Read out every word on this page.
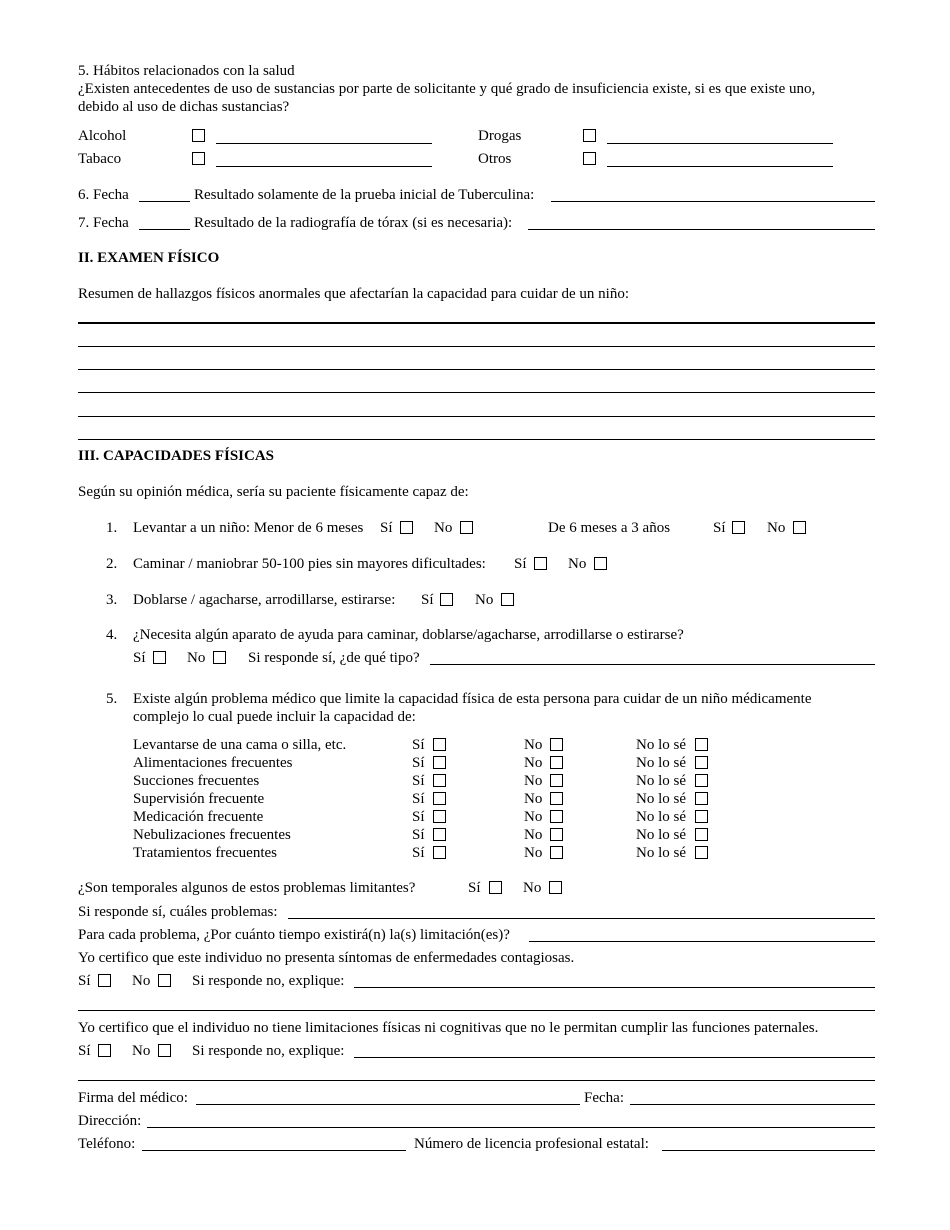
5. Hábitos relacionados con la salud
¿Existen antecedentes de uso de sustancias por parte de solicitante y qué grado de insuficiencia existe, si es que existe uno,
debido al uso de dichas sustancias?
Alcohol	Drogas
Tabaco	Otros
6. Fecha	Resultado solamente de la prueba inicial de Tuberculina:
7. Fecha	Resultado de la radiografía de tórax (si es necesaria):
II. EXAMEN FÍSICO
Resumen de hallazgos físicos anormales que afectarían la capacidad para cuidar de un niño:
III. CAPACIDADES FÍSICAS
Según su opinión médica, sería su paciente físicamente capaz de:
1. Levantar a un niño: Menor de 6 meses Sí	No	De 6 meses a 3 años	Sí	No
2. Caminar / maniobrar 50-100 pies sin mayores dificultades: Sí	No
3. Doblarse / agacharse, arrodillarse, estirarse: Sí	No
4. ¿Necesita algún aparato de ayuda para caminar, doblarse/agacharse, arrodillarse o estirarse?
Sí	No	Si responde sí, ¿de qué tipo?
5. Existe algún problema médico que limite la capacidad física de esta persona para cuidar de un niño médicamente
complejo lo cual puede incluir la capacidad de:
Levantarse de una cama o silla, etc.	Sí	No	No lo sé
Alimentaciones frecuentes	Sí	No	No lo sé
Succiones frecuentes	Sí	No	No lo sé
Supervisión frecuente	Sí	No	No lo sé
Medicación frecuente	Sí	No	No lo sé
Nebulizaciones frecuentes	Sí	No	No lo sé
Tratamientos frecuentes	Sí	No	No lo sé
¿Son temporales algunos de estos problemas limitantes?	Sí	No
Si responde sí, cuáles problemas:
Para cada problema, ¿Por cuánto tiempo existirá(n) la(s) limitación(es)?
Yo certifico que este individuo no presenta síntomas de enfermedades contagiosas.
Sí	No	Si responde no, explique:
Yo certifico que el individuo no tiene limitaciones físicas ni cognitivas que no le permitan cumplir las funciones paternales.
Sí	No	Si responde no, explique:
Firma del médico:	Fecha:
Dirección:
Teléfono:	Número de licencia profesional estatal:
